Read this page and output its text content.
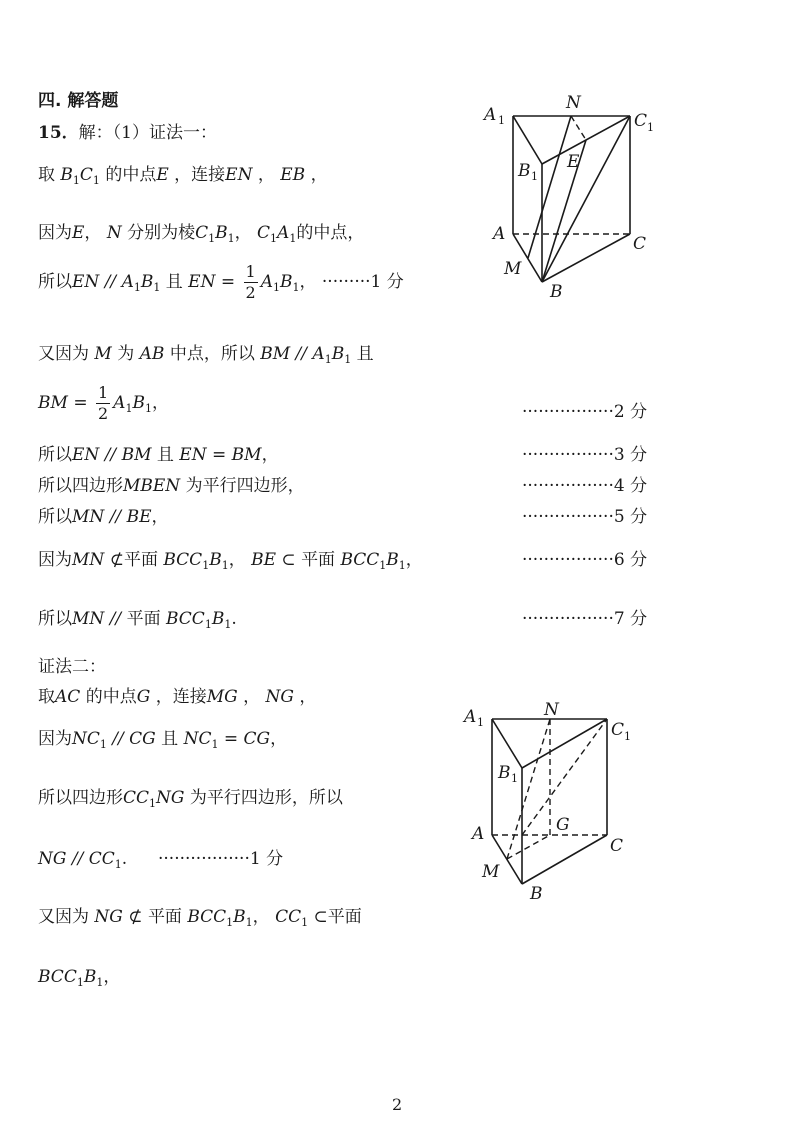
四. 解答题
15．解：（1）证法一：
取 $B_1C_1$ 的中点E ，连接EN ， EB ，
因为E， N 分别为棱$C_1B_1$， $C_1A_1$的中点，
所以EN // $A_1B_1$ 且 EN = $\frac{1}{2} A_1B_1$， ·········1 分
又因为 M 为 AB 中点，所以 BM // $A_1B_1$ 且
BM = $\frac{1}{2} A_1B_1$，	·················2 分
所以EN // BM 且 EN = BM，	·················3 分
所以四边形MBEN 为平行四边形，	·················4 分
所以MN // BE，	·················5 分
因为MN ⊄平面 $BCC_1B_1$， BE ⊂ 平面 $BCC_1B_1$，	·················6 分
所以MN // 平面 $BCC_1B_1$.	·················7 分
证法二：
取AC 的中点G ，连接MG ， NG ，
因为$NC_1$ // CG 且 $NC_1$ = CG，
所以四边形$CC_1NG$ 为平行四边形，所以
NG // $CC_1$. ·················1 分
又因为 NG ⊄ 平面 $BCC_1B_1$， $CC_1$ ⊂平面
$BCC_1B_1$，
A 1	C 1
N
B 1
E
A	C
M
B
A 1	C 1
N
B 1
G
A
C
M
B
2
